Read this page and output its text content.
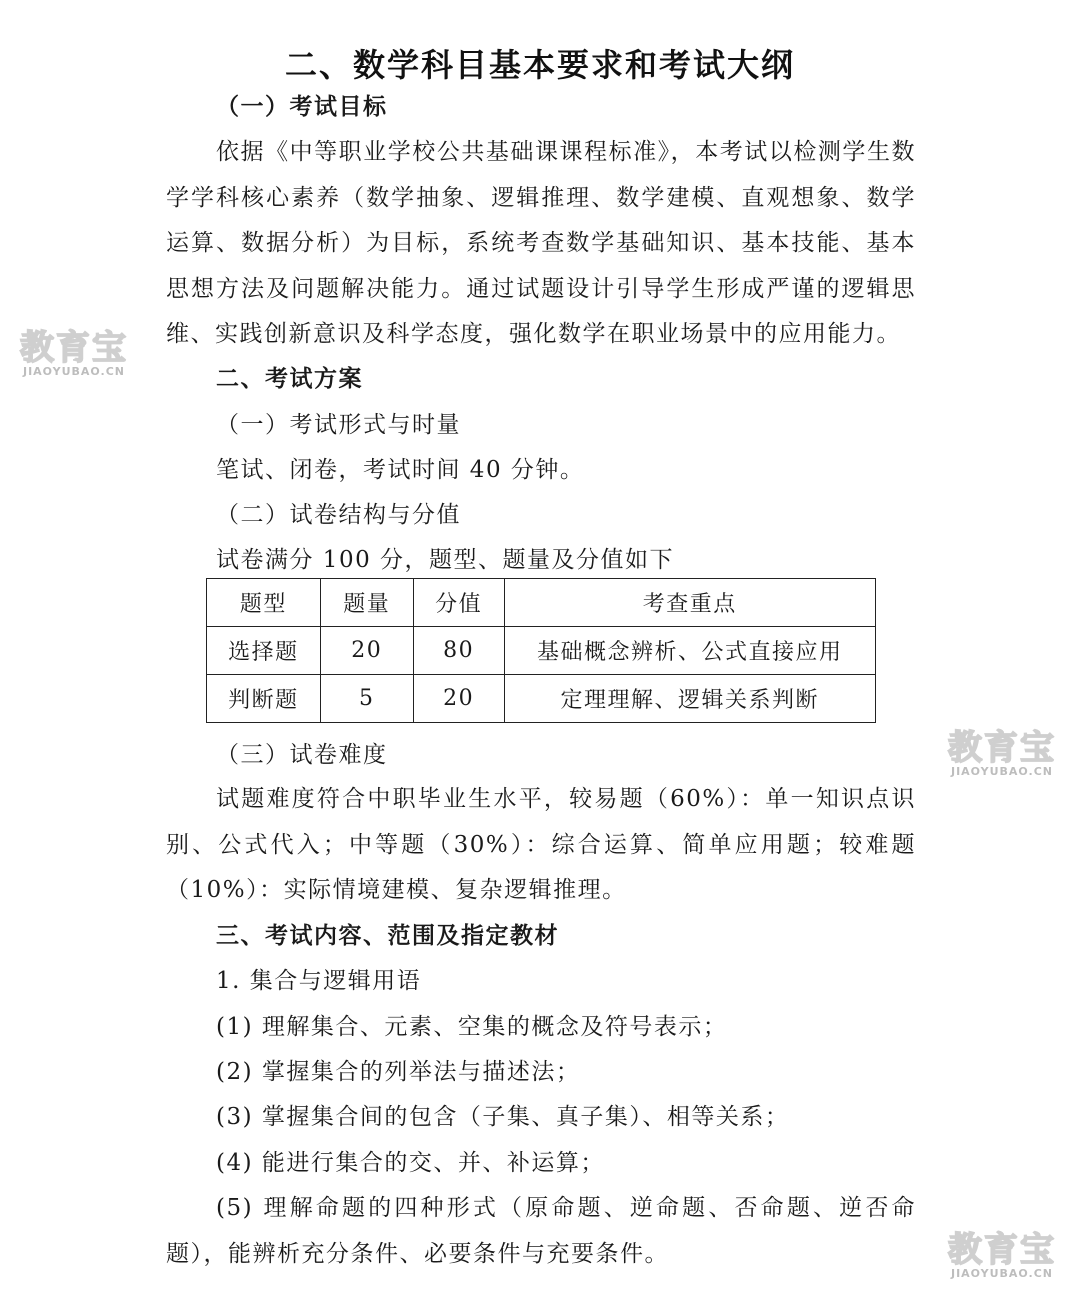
二、数学科目基本要求和考试大纲
（一）考试目标
依据《中等职业学校公共基础课课程标准》，本考试以检测学生数学学科核心素养（数学抽象、逻辑推理、数学建模、直观想象、数学运算、数据分析）为目标，系统考查数学基础知识、基本技能、基本思想方法及问题解决能力。通过试题设计引导学生形成严谨的逻辑思维、实践创新意识及科学态度，强化数学在职业场景中的应用能力。
二、考试方案
（一）考试形式与时量
笔试、闭卷，考试时间 40 分钟。
（二）试卷结构与分值
试卷满分 100 分，题型、题量及分值如下
题型	题量	分值	考查重点
选择题	20	80	基础概念辨析、公式直接应用
判断题	5	20	定理理解、逻辑关系判断
（三）试卷难度
试题难度符合中职毕业生水平，较易题（60%）：单一知识点识别、公式代入；中等题（30%）：综合运算、简单应用题；较难题（10%）：实际情境建模、复杂逻辑推理。
三、考试内容、范围及指定教材
1. 集合与逻辑用语
(1) 理解集合、元素、空集的概念及符号表示；
(2) 掌握集合的列举法与描述法；
(3) 掌握集合间的包含（子集、真子集）、相等关系；
(4) 能进行集合的交、并、补运算；
(5) 理解命题的四种形式（原命题、逆命题、否命题、逆否命题），能辨析充分条件、必要条件与充要条件。
教育宝
JIAOYUBAO.CN
教育宝
JIAOYUBAO.CN
教育宝
JIAOYUBAO.CN
